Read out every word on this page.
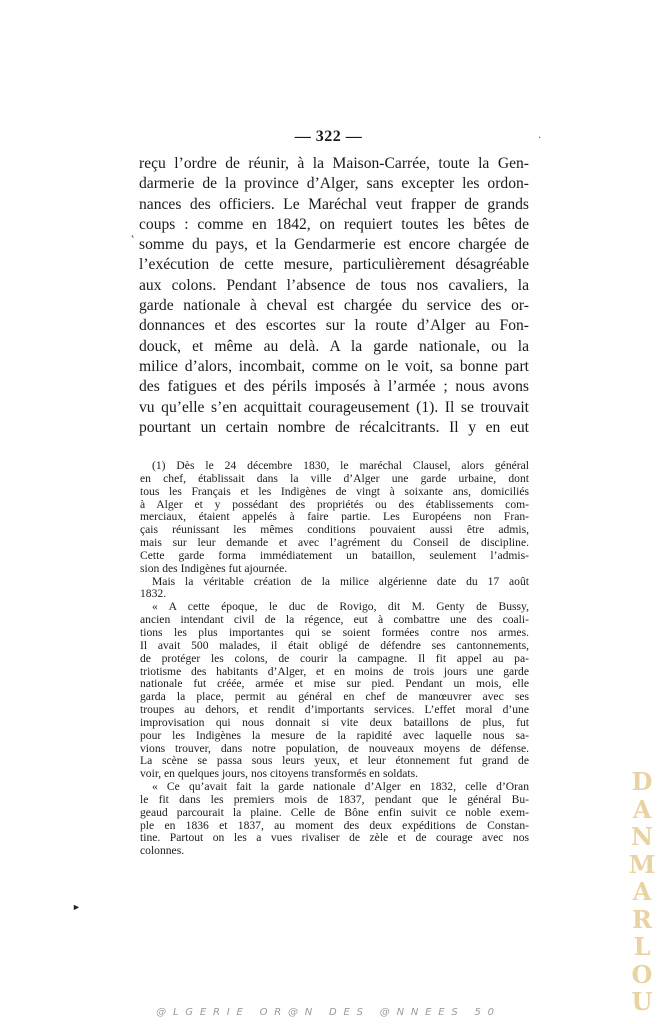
— 322 —	·
˛
reçu l’ordre de réunir, à la Maison-Carrée, toute la Gen-
darmerie de la province d’Alger, sans excepter les ordon-
nances des officiers. Le Maréchal veut frapper de grands
coups : comme en 1842, on requiert toutes les bêtes de
somme du pays, et la Gendarmerie est encore chargée de
l’exécution de cette mesure, particulièrement désagréable
aux colons. Pendant l’absence de tous nos cavaliers, la
garde nationale à cheval est chargée du service des or-
donnances et des escortes sur la route d’Alger au Fon-
douck, et même au delà. A la garde nationale, ou la
milice d’alors, incombait, comme on le voit, sa bonne part
des fatigues et des périls imposés à l’armée ; nous avons
vu qu’elle s’en acquittait courageusement (1). Il se trouvait
pourtant un certain nombre de récalcitrants. Il y en eut
(1) Dès le 24 décembre 1830, le maréchal Clausel, alors général
en chef, établissait dans la ville d’Alger une garde urbaine, dont
tous les Français et les Indigènes de vingt à soixante ans, domiciliés
à Alger et y possédant des propriétés ou des établissements com-
merciaux, étaient appelés à faire partie. Les Européens non Fran-
çais réunissant les mêmes conditions pouvaient aussi être admis,
mais sur leur demande et avec l’agrément du Conseil de discipline.
Cette garde forma immédiatement un bataillon, seulement l’admis-
sion des Indigènes fut ajournée.
Mais la véritable création de la milice algérienne date du 17 août
1832.
« A cette époque, le duc de Rovigo, dit M. Genty de Bussy,
ancien intendant civil de la régence, eut à combattre une des coali-
tions les plus importantes qui se soient formées contre nos armes.
Il avait 500 malades, il était obligé de défendre ses cantonnements,
de protéger les colons, de courir la campagne. Il fit appel au pa-
triotisme des habitants d’Alger, et en moins de trois jours une garde
nationale fut créée, armée et mise sur pied. Pendant un mois, elle
garda la place, permit au général en chef de manœuvrer avec ses
troupes au dehors, et rendit d’importants services. L’effet moral d’une
improvisation qui nous donnait si vite deux bataillons de plus, fut
pour les Indigènes la mesure de la rapidité avec laquelle nous sa-
vions trouver, dans notre population, de nouveaux moyens de défense.
La scène se passa sous leurs yeux, et leur étonnement fut grand de
voir, en quelques jours, nos citoyens transformés en soldats.
« Ce qu’avait fait la garde nationale d’Alger en 1832, celle d’Oran
le fit dans les premiers mois de 1837, pendant que le général Bu-
geaud parcourait la plaine. Celle de Bône enfin suivit ce noble exem-
ple en 1836 et 1837, au moment des deux expéditions de Constan-
tine. Partout on les a vues rivaliser de zèle et de courage avec nos
colonnes.
►
D
A
N
M
A
R
L
O
U
@LGERIE OR@N DES @NNEES 50
